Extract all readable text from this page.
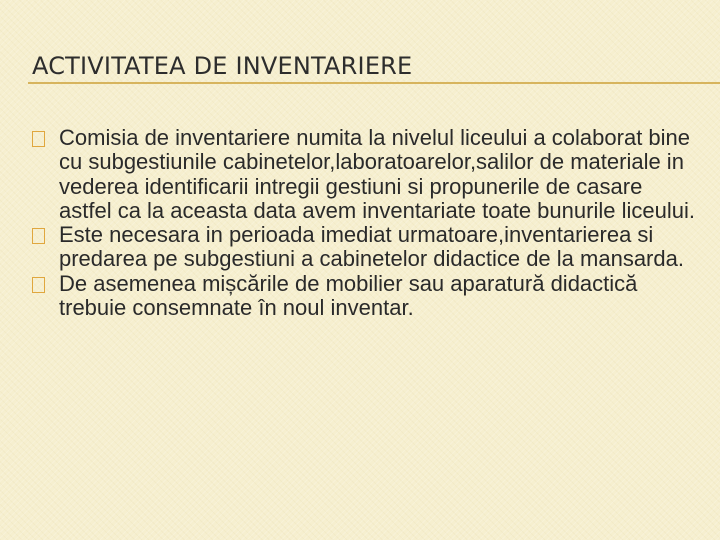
ACTIVITATEA DE INVENTARIERE
Comisia de inventariere numita la nivelul liceului a colaborat bine cu subgestiunile cabinetelor,laboratoarelor,salilor de materiale in vederea identificarii intregii gestiuni si propunerile de casare astfel ca la aceasta data avem inventariate toate bunurile liceului.
Este necesara in perioada imediat urmatoare,inventarierea si predarea pe subgestiuni a cabinetelor didactice de la mansarda.
De asemenea mișcările de mobilier sau aparatură didactică trebuie consemnate în noul inventar.
